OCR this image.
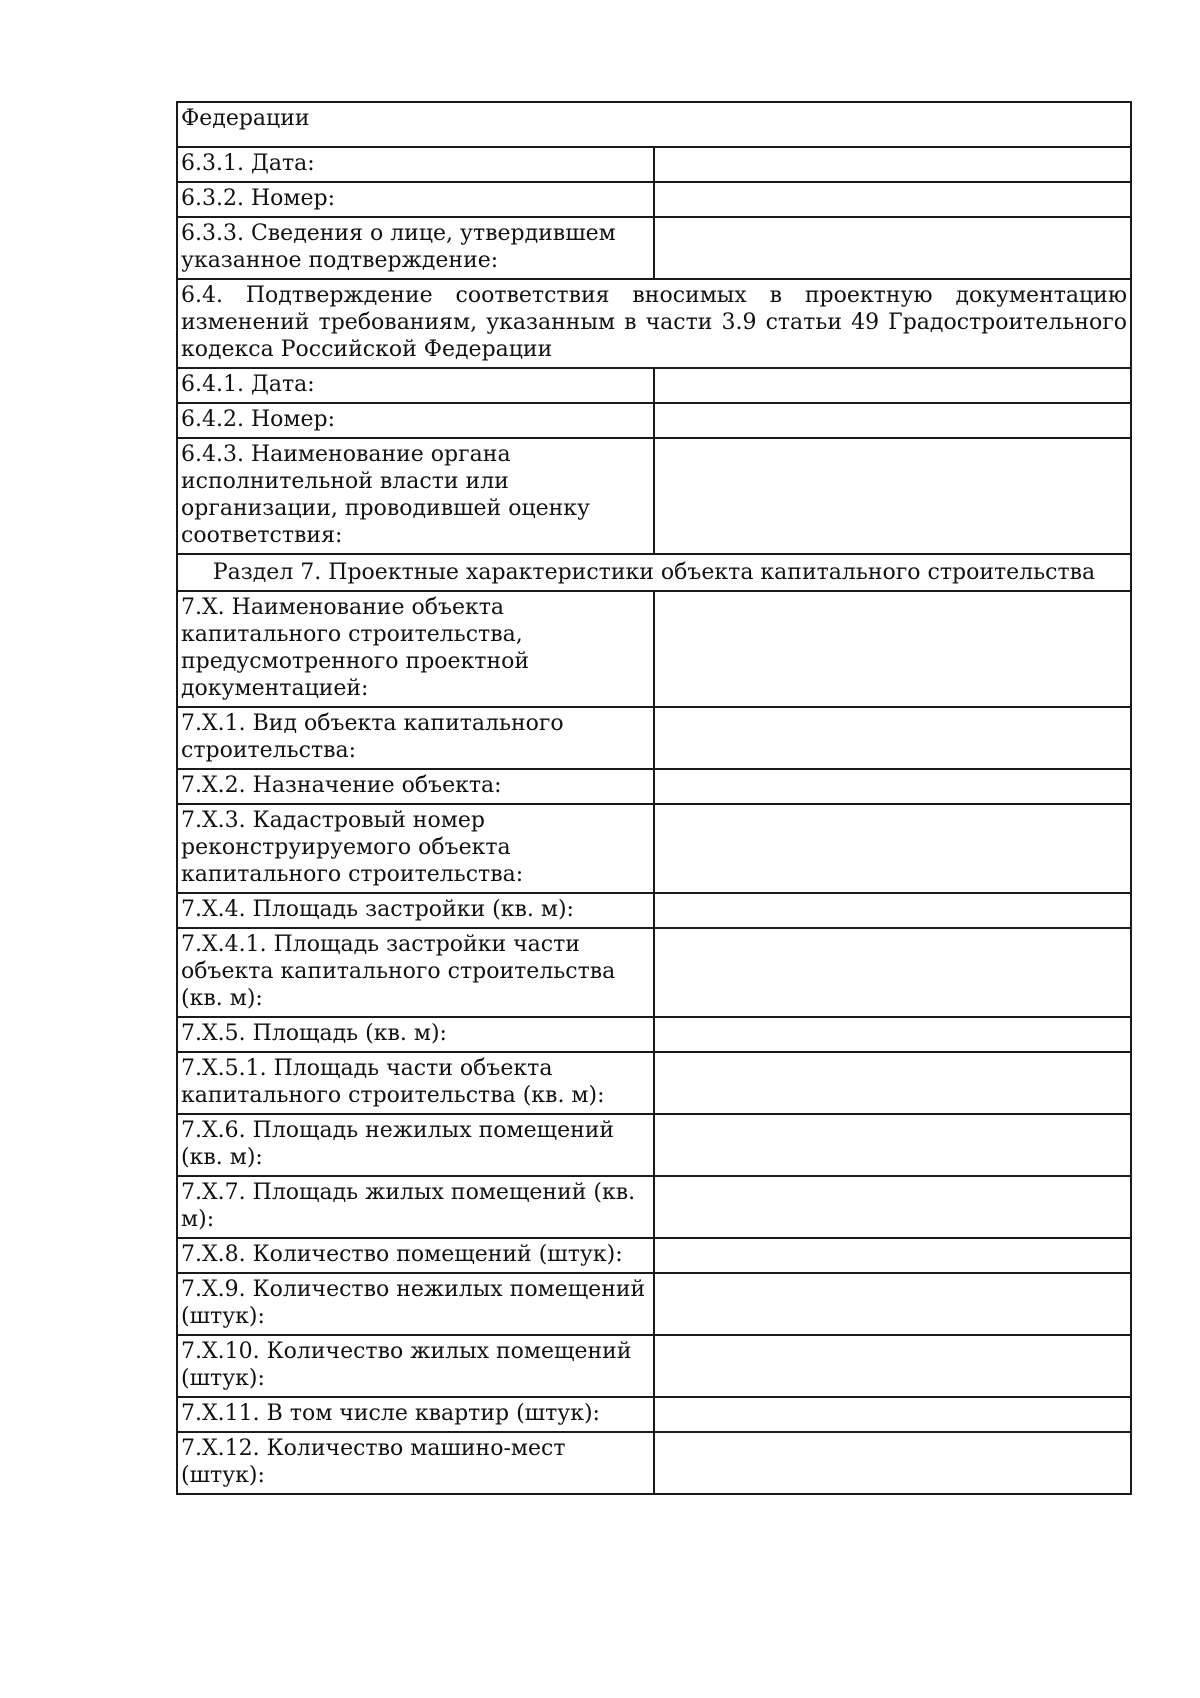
Федерации	
6.3.1. Дата:	
6.3.2. Номер:	
6.3.3. Сведения о лице, утвердившем указанное подтверждение:	
6.4. Подтверждение соответствия вносимых в проектную документацию изменений требованиям, указанным в части 3.9 статьи 49 Градостроительного кодекса Российской Федерации	
6.4.1. Дата:	
6.4.2. Номер:	
6.4.3. Наименование органа исполнительной власти или организации, проводившей оценку соответствия:	
Раздел 7. Проектные характеристики объекта капитального строительства	
7.X. Наименование объекта капитального строительства, предусмотренного проектной документацией:	
7.X.1. Вид объекта капитального строительства:	
7.X.2. Назначение объекта:	
7.X.3. Кадастровый номер реконструируемого объекта капитального строительства:	
7.X.4. Площадь застройки (кв. м):	
7.X.4.1. Площадь застройки части объекта капитального строительства (кв. м):	
7.X.5. Площадь (кв. м):	
7.X.5.1. Площадь части объекта капитального строительства (кв. м):	
7.X.6. Площадь нежилых помещений (кв. м):	
7.X.7. Площадь жилых помещений (кв. м):	
7.X.8. Количество помещений (штук):	
7.X.9. Количество нежилых помещений (штук):	
7.X.10. Количество жилых помещений (штук):	
7.X.11. В том числе квартир (штук):	
7.X.12. Количество машино-мест (штук):	
